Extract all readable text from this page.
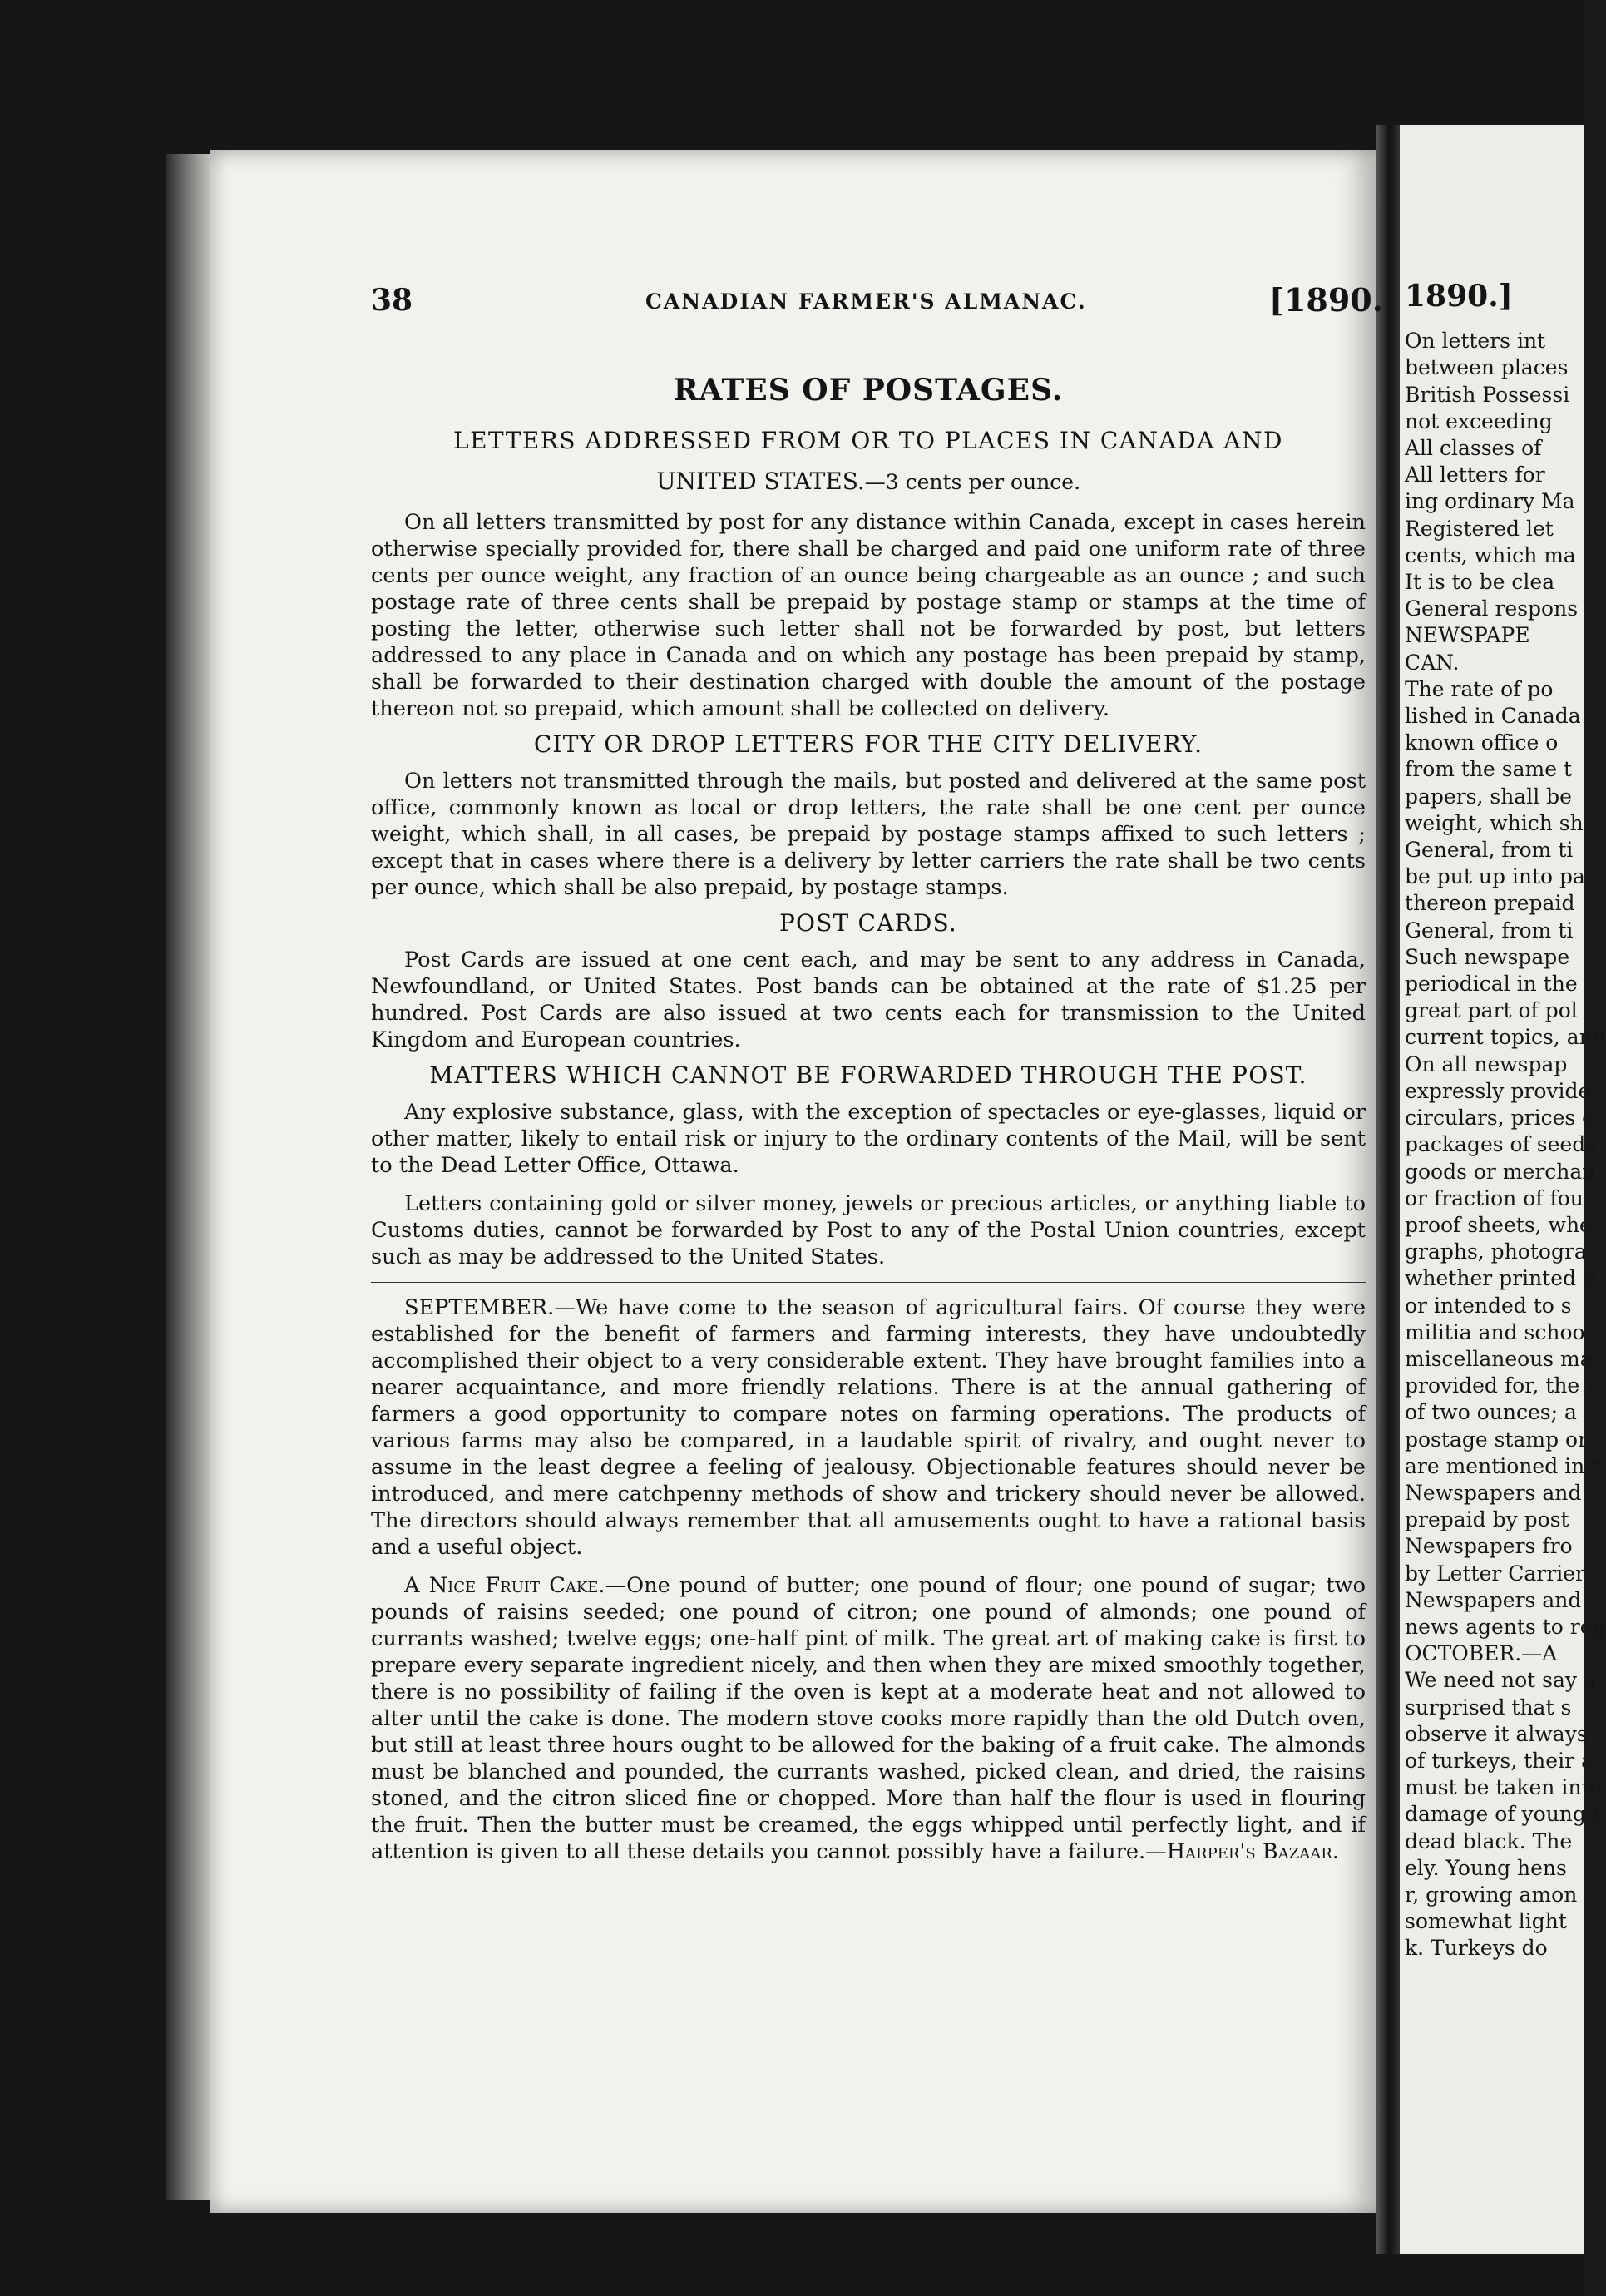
1890.]
On letters int
between places
British Possessi
not exceeding
All classes of
All letters for
ing ordinary Ma
Registered let
cents, which ma
It is to be clea
General respons
NEWSPAPE
CAN.
The rate of po
lished in Canada
known office o
from the same t
papers, shall be
weight, which sh
General, from ti
be put up into pa
thereon prepaid
General, from ti
Such newspape
periodical in the
great part of pol
current topics, and
On all newspap
expressly provide
circulars, prices c
packages of seeds
goods or merchan
or fraction of fou
proof sheets, whe
graphs, photogra
whether printed o
or intended to s
militia and schoo
miscellaneous ma
provided for, the r
of two ounces; a
postage stamp or
are mentioned in t
Newspapers and
prepaid by post
Newspapers fro
by Letter Carrier,
Newspapers and
news agents to reg
OCTOBER.—A
We need not say a
surprised that s
observe it always
of turkeys, their a
must be taken into
damage of young t
dead black. The
ely. Young hens
r, growing amon
somewhat light
k. Turkeys do
38	CANADIAN FARMER'S ALMANAC.	[1890.
RATES OF POSTAGES.

LETTERS ADDRESSED FROM OR TO PLACES IN CANADA AND

UNITED STATES.—3 cents per ounce.

On all letters transmitted by post for any distance within Canada, except in cases herein otherwise specially provided for, there shall be charged and paid one uniform rate of three cents per ounce weight, any fraction of an ounce being chargeable as an ounce ; and such postage rate of three cents shall be prepaid by postage stamp or stamps at the time of posting the letter, otherwise such letter shall not be forwarded by post, but letters addressed to any place in Canada and on which any postage has been prepaid by stamp, shall be forwarded to their destination charged with double the amount of the postage thereon not so prepaid, which amount shall be collected on delivery.

CITY OR DROP LETTERS FOR THE CITY DELIVERY.

On letters not transmitted through the mails, but posted and delivered at the same post office, commonly known as local or drop letters, the rate shall be one cent per ounce weight, which shall, in all cases, be prepaid by postage stamps affixed to such letters ; except that in cases where there is a delivery by letter carriers the rate shall be two cents per ounce, which shall be also prepaid, by postage stamps.

POST CARDS.

Post Cards are issued at one cent each, and may be sent to any address in Canada, Newfoundland, or United States. Post bands can be obtained at the rate of $1.25 per hundred. Post Cards are also issued at two cents each for transmission to the United Kingdom and European countries.

MATTERS WHICH CANNOT BE FORWARDED THROUGH THE POST.

Any explosive substance, glass, with the exception of spectacles or eye-glasses, liquid or other matter, likely to entail risk or injury to the ordinary contents of the Mail, will be sent to the Dead Letter Office, Ottawa.

Letters containing gold or silver money, jewels or precious articles, or anything liable to Customs duties, cannot be forwarded by Post to any of the Postal Union countries, except such as may be addressed to the United States.

SEPTEMBER.—We have come to the season of agricultural fairs. Of course they were established for the benefit of farmers and farming interests, they have undoubtedly accomplished their object to a very considerable extent. They have brought families into a nearer acquaintance, and more friendly relations. There is at the annual gathering of farmers a good opportunity to compare notes on farming operations. The products of various farms may also be compared, in a laudable spirit of rivalry, and ought never to assume in the least degree a feeling of jealousy. Objectionable features should never be introduced, and mere catchpenny methods of show and trickery should never be allowed. The directors should always remember that all amusements ought to have a rational basis and a useful object.

A Nice Fruit Cake.—One pound of butter; one pound of flour; one pound of sugar; two pounds of raisins seeded; one pound of citron; one pound of almonds; one pound of currants washed; twelve eggs; one-half pint of milk. The great art of making cake is first to prepare every separate ingredient nicely, and then when they are mixed smoothly together, there is no possibility of failing if the oven is kept at a moderate heat and not allowed to alter until the cake is done. The modern stove cooks more rapidly than the old Dutch oven, but still at least three hours ought to be allowed for the baking of a fruit cake. The almonds must be blanched and pounded, the currants washed, picked clean, and dried, the raisins stoned, and the citron sliced fine or chopped. More than half the flour is used in flouring the fruit. Then the butter must be creamed, the eggs whipped until perfectly light, and if attention is given to all these details you cannot possibly have a failure.—Harper's Bazaar.
